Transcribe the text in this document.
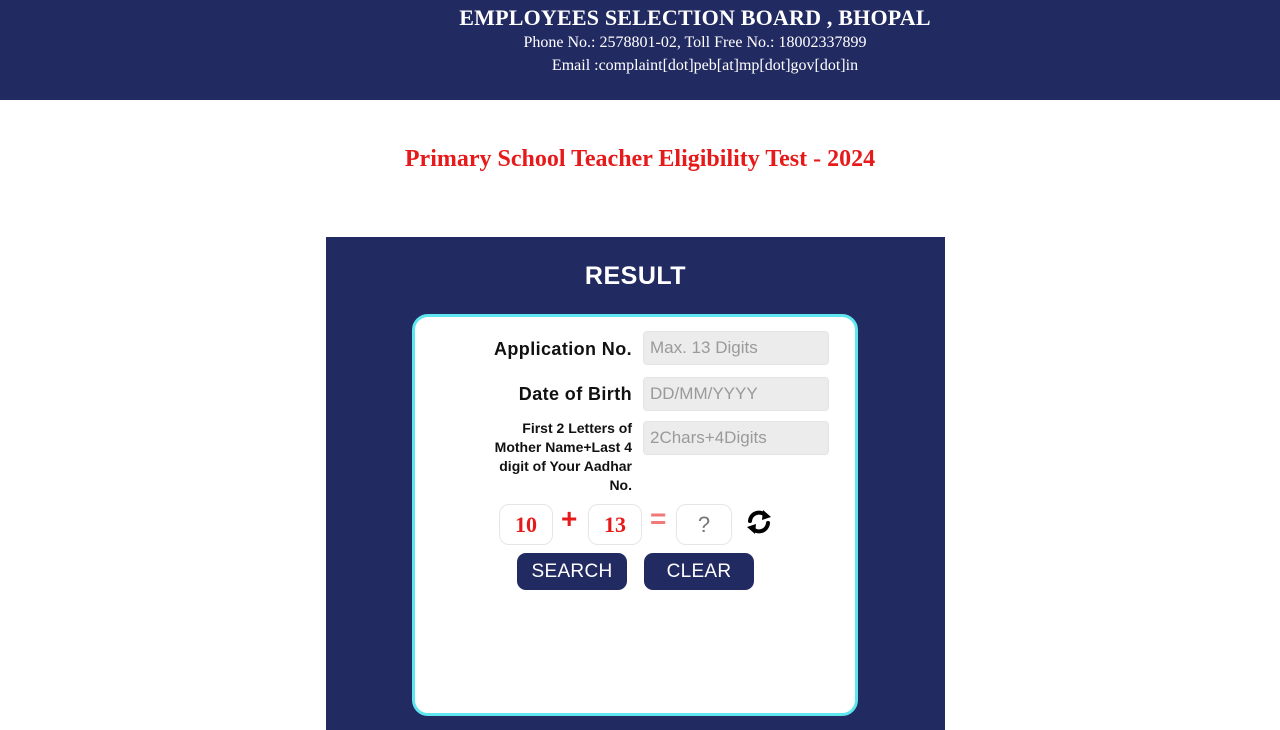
EMPLOYEES SELECTION BOARD , BHOPAL
Phone No.: 2578801-02, Toll Free No.: 18002337899
Email :complaint[dot]peb[at]mp[dot]gov[dot]in
Primary School Teacher Eligibility Test - 2024
RESULT
Application No.
Max. 13 Digits
Date of Birth
DD/MM/YYYY
First 2 Letters of
Mother Name+Last 4
digit of Your Aadhar
No.
2Chars+4Digits
10 +	13 =
?
SEARCH	CLEAR
